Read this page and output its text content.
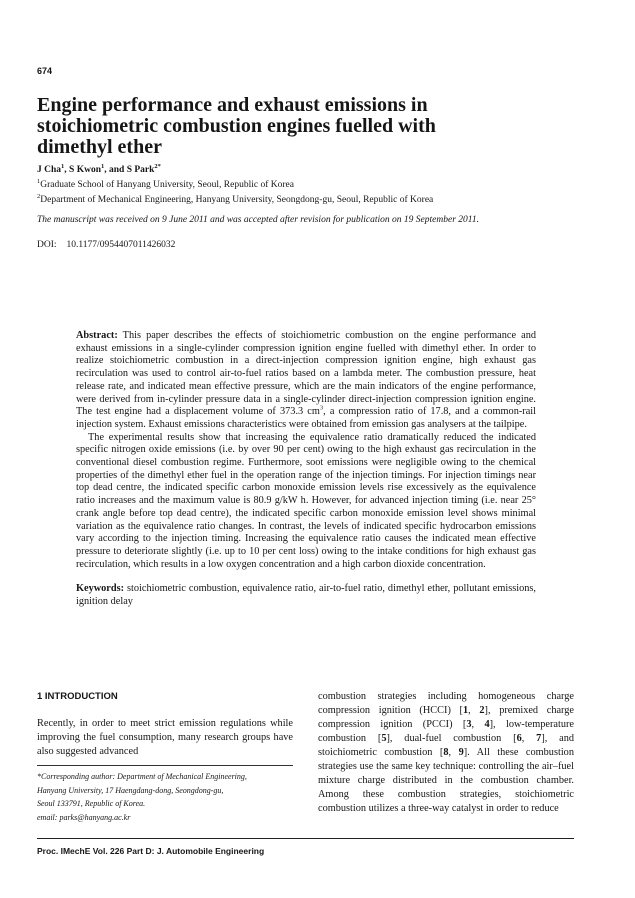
674
Engine performance and exhaust emissions in
stoichiometric combustion engines fuelled with
dimethyl ether
J Cha$^1$, S Kwon$^1$, and S Park$^{2*}$
$^1$Graduate School of Hanyang University, Seoul, Republic of Korea
$^2$Department of Mechanical Engineering, Hanyang University, Seongdong-gu, Seoul, Republic of Korea
The manuscript was received on 9 June 2011 and was accepted after revision for publication on 19 September 2011.
DOI: 10.1177/0954407011426032

Abstract: This paper describes the effects of stoichiometric combustion on the engine performance and exhaust emissions in a single-cylinder compression ignition engine fuelled with dimethyl ether. In order to realize stoichiometric combustion in a direct-injection compression ignition engine, high exhaust gas recirculation was used to control air-to-fuel ratios based on a lambda meter. The combustion pressure, heat release rate, and indicated mean effective pressure, which are the main indicators of the engine performance, were derived from in-cylinder pressure data in a single-cylinder direct-injection compression ignition engine. The test engine had a displacement volume of 373.3 $cm^3$, a compression ratio of 17.8, and a common-rail injection system. Exhaust emissions characteristics were obtained from emission gas analysers at the tailpipe.

The experimental results show that increasing the equivalence ratio dramatically reduced the indicated specific nitrogen oxide emissions (i.e. by over 90 per cent) owing to the high exhaust gas recirculation in the conventional diesel combustion regime. Furthermore, soot emissions were negligible owing to the chemical properties of the dimethyl ether fuel in the operation range of the injection timings. For injection timings near top dead centre, the indicated specific carbon monoxide emission levels rise excessively as the equivalence ratio increases and the maximum value is 80.9 g/kW h. However, for advanced injection timing (i.e. near 25° crank angle before top dead centre), the indicated specific carbon monoxide emission level shows minimal variation as the equivalence ratio changes. In contrast, the levels of indicated specific hydrocarbon emissions vary according to the injection timing. Increasing the equivalence ratio causes the indicated mean effective pressure to deteriorate slightly (i.e. up to 10 per cent loss) owing to the intake conditions for high exhaust gas recirculation, which results in a low oxygen concentration and a high carbon dioxide concentration.

Keywords: stoichiometric combustion, equivalence ratio, air-to-fuel ratio, dimethyl ether, pollutant emissions, ignition delay

1 INTRODUCTION

Recently, in order to meet strict emission regulations while improving the fuel consumption, many research groups have also suggested advanced

combustion strategies including homogeneous charge compression ignition (HCCI) [1, 2], premixed charge compression ignition (PCCI) [3, 4], low-temperature combustion [5], dual-fuel combustion [6, 7], and stoichiometric combustion [8, 9]. All these combustion strategies use the same key technique: controlling the air–fuel mixture charge distributed in the combustion chamber. Among these combustion strategies, stoichiometric combustion utilizes a three-way catalyst in order to reduce

*Corresponding author: Department of Mechanical Engineering,

Hanyang University, 17 Haengdang-dong, Seongdong-gu,

Seoul 133791, Republic of Korea.

email: parks@hanyang.ac.kr

Proc. IMechE Vol. 226 Part D: J. Automobile Engineering
